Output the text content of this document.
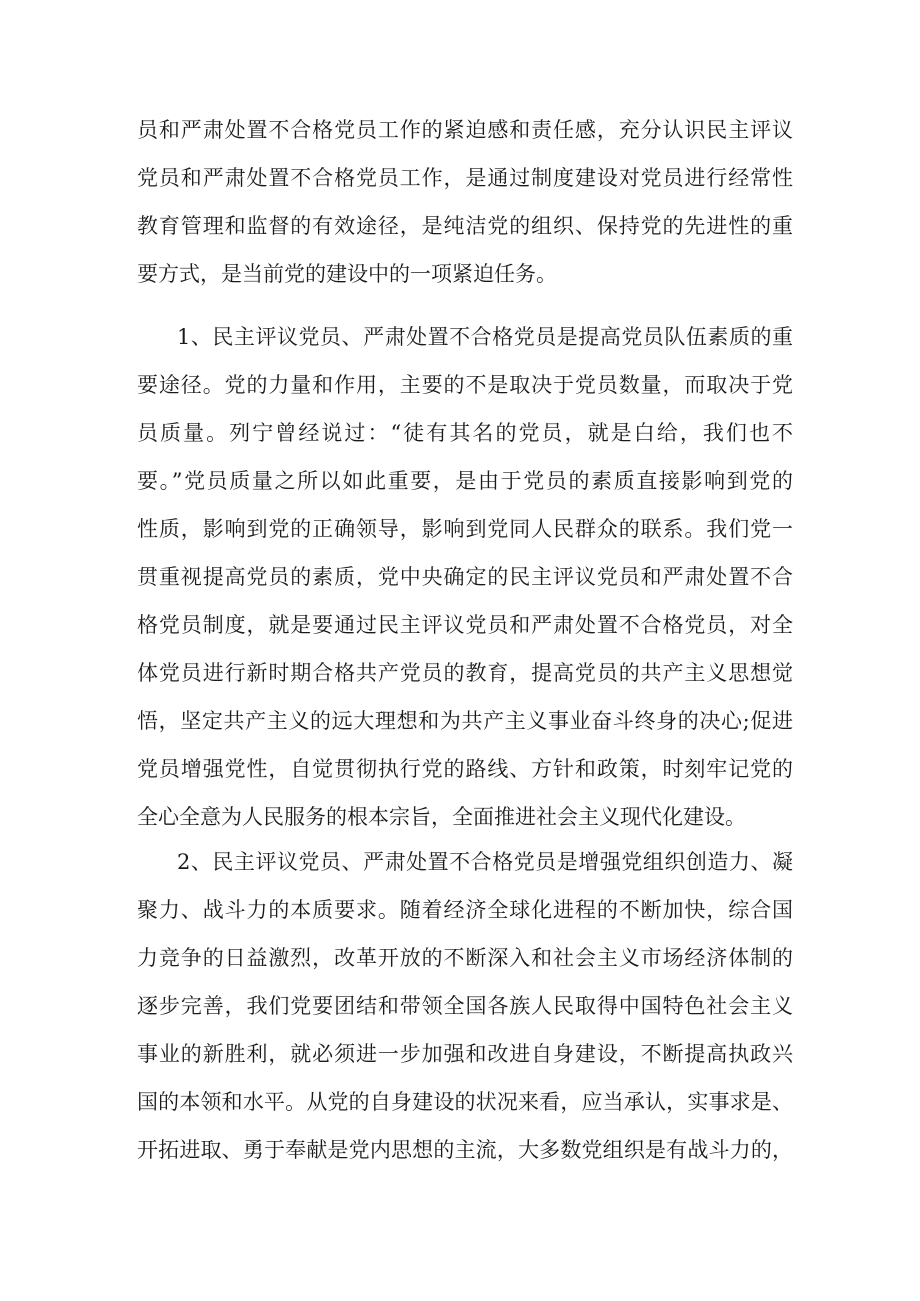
员和严肃处置不合格党员工作的紧迫感和责任感，充分认识民主评议
党员和严肃处置不合格党员工作，是通过制度建设对党员进行经常性
教育管理和监督的有效途径，是纯洁党的组织、保持党的先进性的重
要方式，是当前党的建设中的一项紧迫任务。
1、民主评议党员、严肃处置不合格党员是提高党员队伍素质的重
要途径。党的力量和作用，主要的不是取决于党员数量，而取决于党
员质量。列宁曾经说过：“徒有其名的党员，就是白给，我们也不
要。”党员质量之所以如此重要，是由于党员的素质直接影响到党的
性质，影响到党的正确领导，影响到党同人民群众的联系。我们党一
贯重视提高党员的素质，党中央确定的民主评议党员和严肃处置不合
格党员制度，就是要通过民主评议党员和严肃处置不合格党员，对全
体党员进行新时期合格共产党员的教育，提高党员的共产主义思想觉
悟，坚定共产主义的远大理想和为共产主义事业奋斗终身的决心;促进
党员增强党性，自觉贯彻执行党的路线、方针和政策，时刻牢记党的
全心全意为人民服务的根本宗旨，全面推进社会主义现代化建设。
2、民主评议党员、严肃处置不合格党员是增强党组织创造力、凝
聚力、战斗力的本质要求。随着经济全球化进程的不断加快，综合国
力竞争的日益激烈，改革开放的不断深入和社会主义市场经济体制的
逐步完善，我们党要团结和带领全国各族人民取得中国特色社会主义
事业的新胜利，就必须进一步加强和改进自身建设，不断提高执政兴
国的本领和水平。从党的自身建设的状况来看，应当承认，实事求是、
开拓进取、勇于奉献是党内思想的主流，大多数党组织是有战斗力的，
